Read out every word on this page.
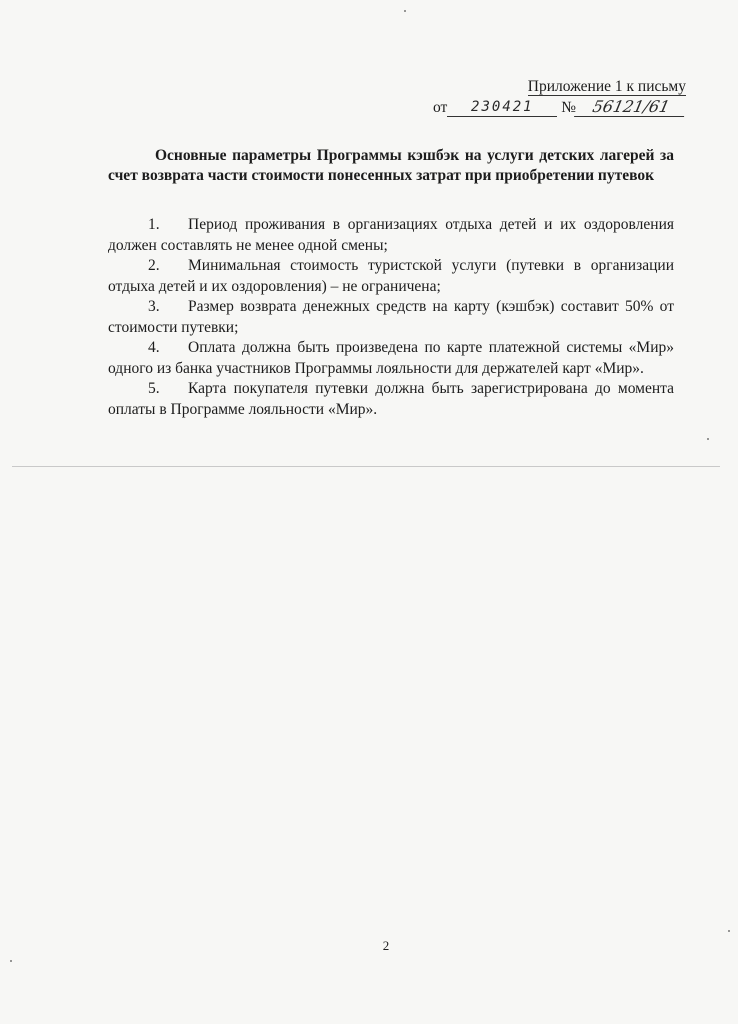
Приложение 1 к письму
от 230421 № 56121/61

Основные параметры Программы кэшбэк на услуги детских лагерей за счет возврата части стоимости понесенных затрат при приобретении путевок

1. Период проживания в организациях отдыха детей и их оздоровления должен составлять не менее одной смены;
2. Минимальная стоимость туристской услуги (путевки в организации отдыха детей и их оздоровления) – не ограничена;
3. Размер возврата денежных средств на карту (кэшбэк) составит 50% от стоимости путевки;
4. Оплата должна быть произведена по карте платежной системы «Мир» одного из банка участников Программы лояльности для держателей карт «Мир».
5. Карта покупателя путевки должна быть зарегистрирована до момента оплаты в Программе лояльности «Мир».
2
